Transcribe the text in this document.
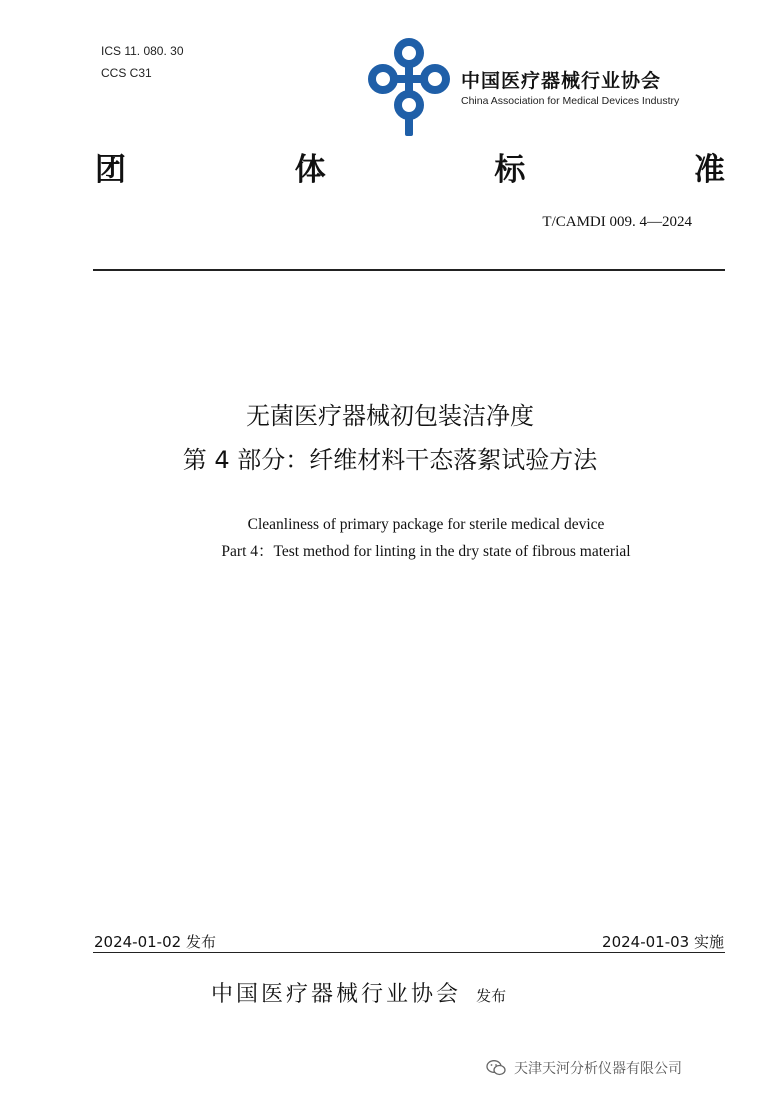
ICS 11. 080. 30
CCS C31	中国医疗器械行业协会
China Association for Medical Devices Industry
团	体	标	准
T/CAMDI 009. 4—2024
无菌医疗器械初包装洁净度
第 4 部分：纤维材料干态落絮试验方法
Cleanliness of primary package for sterile medical device
Part 4：Test method for linting in the dry state of fibrous material
2024-01-02 发布	2024-01-03 实施
中国医疗器械行业协会 发布
天津天河分析仪器有限公司
